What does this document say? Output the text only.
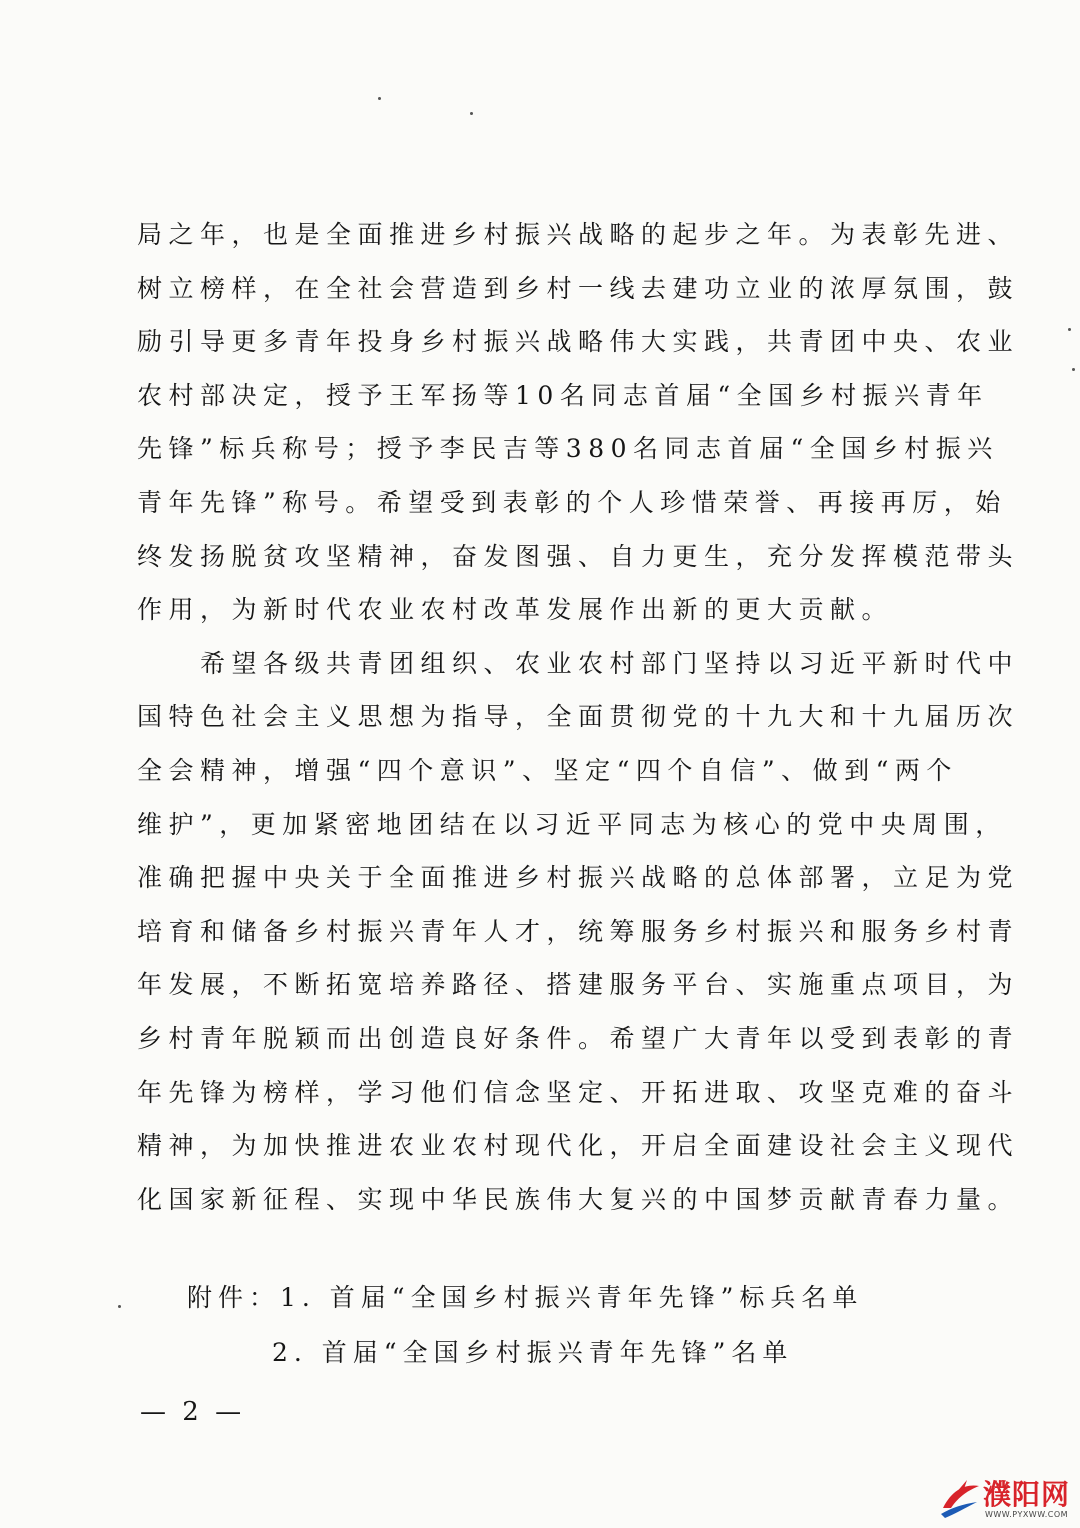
局之年，也是全面推进乡村振兴战略的起步之年。为表彰先进、
树立榜样，在全社会营造到乡村一线去建功立业的浓厚氛围，鼓
励引导更多青年投身乡村振兴战略伟大实践，共青团中央、农业
农村部决定，授予王军扬等10名同志首届“全国乡村振兴青年
先锋”标兵称号；授予李民吉等380名同志首届“全国乡村振兴
青年先锋”称号。希望受到表彰的个人珍惜荣誉、再接再厉，始
终发扬脱贫攻坚精神，奋发图强、自力更生，充分发挥模范带头
作用，为新时代农业农村改革发展作出新的更大贡献。
希望各级共青团组织、农业农村部门坚持以习近平新时代中
国特色社会主义思想为指导，全面贯彻党的十九大和十九届历次
全会精神，增强“四个意识”、坚定“四个自信”、做到“两个
维护”，更加紧密地团结在以习近平同志为核心的党中央周围，
准确把握中央关于全面推进乡村振兴战略的总体部署，立足为党
培育和储备乡村振兴青年人才，统筹服务乡村振兴和服务乡村青
年发展，不断拓宽培养路径、搭建服务平台、实施重点项目，为
乡村青年脱颖而出创造良好条件。希望广大青年以受到表彰的青
年先锋为榜样，学习他们信念坚定、开拓进取、攻坚克难的奋斗
精神，为加快推进农业农村现代化，开启全面建设社会主义现代
化国家新征程、实现中华民族伟大复兴的中国梦贡献青春力量。
附件：1. 首届“全国乡村振兴青年先锋”标兵名单
2. 首届“全国乡村振兴青年先锋”名单
— 2 —
濮阳网
WWW.PYXWW.COM
